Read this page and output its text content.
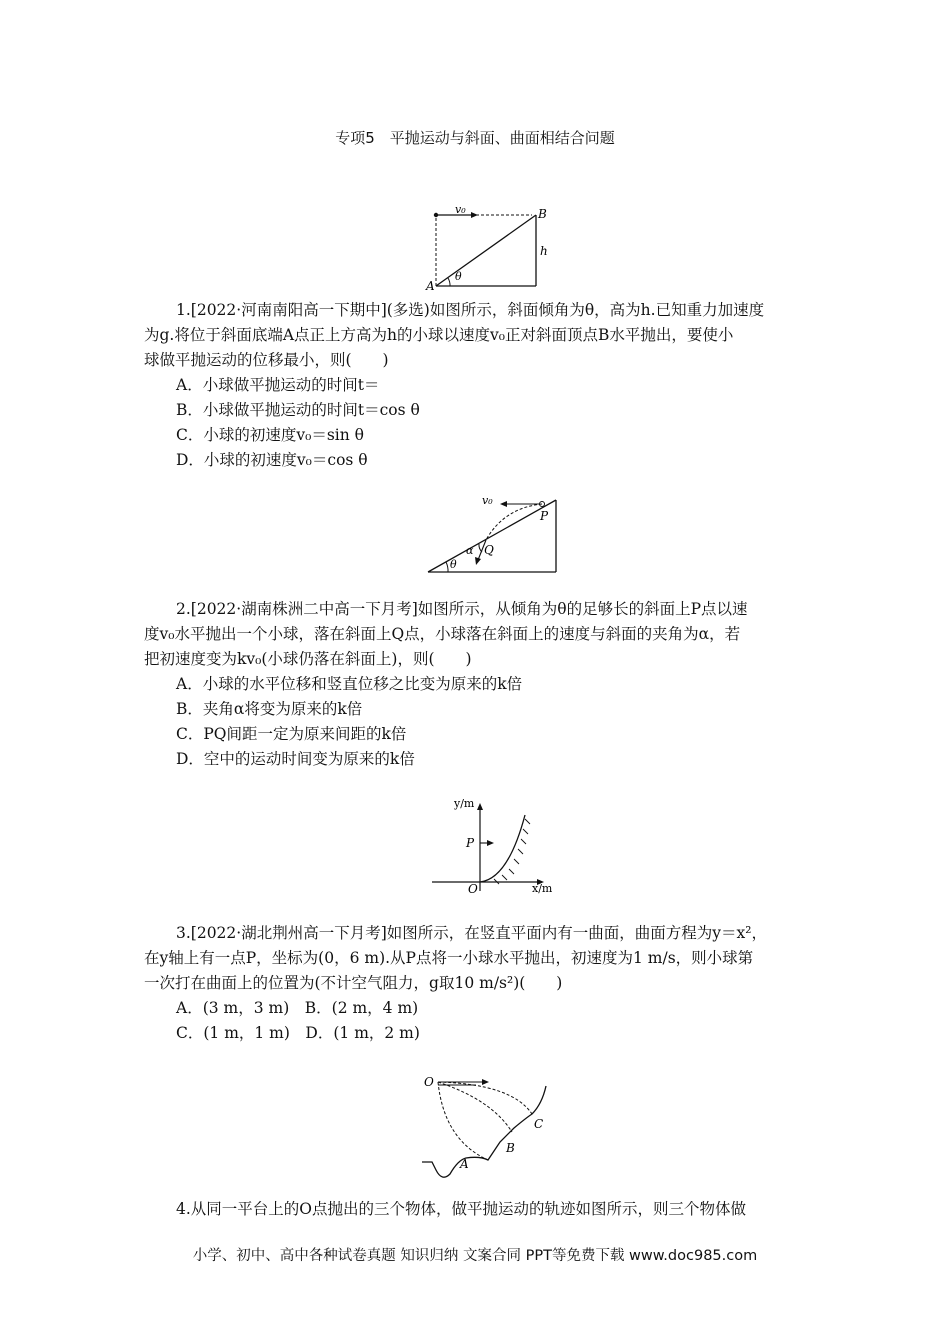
专项5　平抛运动与斜面、曲面相结合问题
v₀	B
h
A
θ

1.[2022·河南南阳高一下期中](多选)如图所示，斜面倾角为θ，高为h.已知重力加速度

为g.将位于斜面底端A点正上方高为h的小球以速度v₀正对斜面顶点B水平抛出，要使小

球做平抛运动的位移最小，则(　　)

A．小球做平抛运动的时间t＝

B．小球做平抛运动的时间t＝cos θ

C．小球的初速度v₀＝sin θ

D．小球的初速度v₀＝cos θ

v₀
P
Q
α
θ

2.[2022·湖南株洲二中高一下月考]如图所示，从倾角为θ的足够长的斜面上P点以速

度v₀水平抛出一个小球，落在斜面上Q点，小球落在斜面上的速度与斜面的夹角为α，若

把初速度变为kv₀(小球仍落在斜面上)，则(　　)

A．小球的水平位移和竖直位移之比变为原来的k倍

B．夹角α将变为原来的k倍

C．PQ间距一定为原来间距的k倍

D．空中的运动时间变为原来的k倍

y/m
x/m
P
O

3.[2022·湖北荆州高一下月考]如图所示，在竖直平面内有一曲面，曲面方程为y＝x²，

在y轴上有一点P，坐标为(0，6 m).从P点将一小球水平抛出，初速度为1 m/s，则小球第

一次打在曲面上的位置为(不计空气阻力，g取10 m/s²)(　　)

A．(3 m，3 m)　B．(2 m，4 m)

C．(1 m，1 m)　D．(1 m，2 m)

O
A
B
C

4.从同一平台上的O点抛出的三个物体，做平抛运动的轨迹如图所示，则三个物体做

小学、初中、高中各种试卷真题 知识归纳 文案合同 PPT等免费下载 www.doc985.com
